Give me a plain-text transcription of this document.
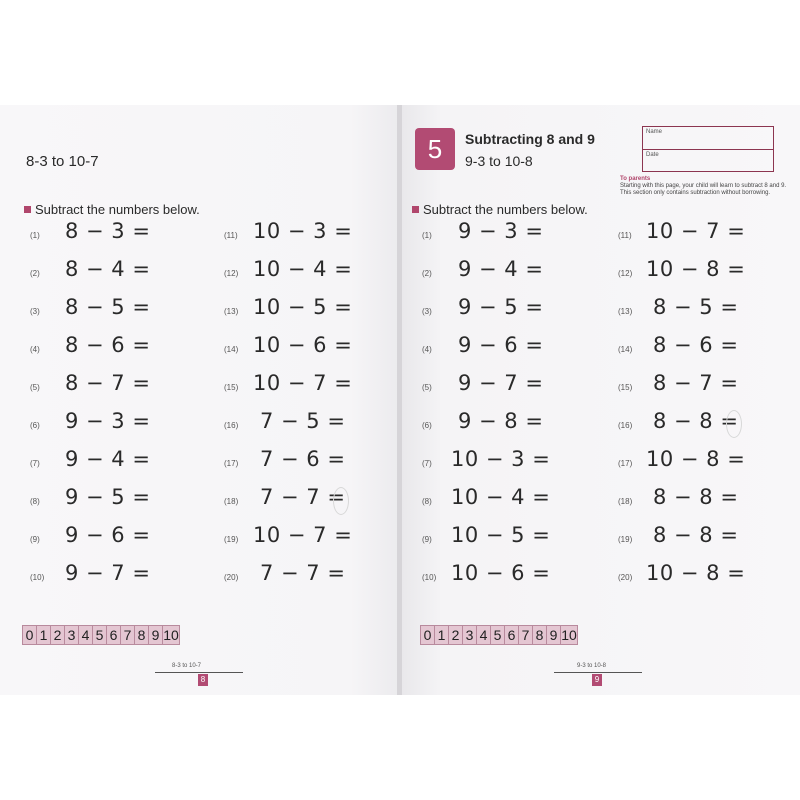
8-3 to 10-7
Subtract the numbers below.
(1) 8 − 3 =
(2) 8 − 4 =
(3) 8 − 5 =
(4) 8 − 6 =
(5) 8 − 7 =
(6) 9 − 3 =
(7) 9 − 4 =
(8) 9 − 5 =
(9) 9 − 6 =
(10) 9 − 7 =
(11) 10 − 3 =
(12) 10 − 4 =
(13) 10 − 5 =
(14) 10 − 6 =
(15) 10 − 7 =
(16) 7 − 5 =
(17) 7 − 6 =
(18) 7 − 7 =
(19) 10 − 7 =
(20) 7 − 7 =
0 1 2 3 4 5 6 7 8 9 10
8-3 to 10-7
8
5	Subtracting 8 and 9
9-3 to 10-8
Name
Date
To parents
Starting with this page, your child will learn to subtract 8 and 9. This section only contains subtraction without borrowing.
Subtract the numbers below.
(1) 9 − 3 =
(2) 9 − 4 =
(3) 9 − 5 =
(4) 9 − 6 =
(5) 9 − 7 =
(6) 9 − 8 =
(7) 10 − 3 =
(8) 10 − 4 =
(9) 10 − 5 =
(10) 10 − 6 =
(11) 10 − 7 =
(12) 10 − 8 =
(13) 8 − 5 =
(14) 8 − 6 =
(15) 8 − 7 =
(16) 8 − 8 =
(17) 10 − 8 =
(18) 8 − 8 =
(19) 8 − 8 =
(20) 10 − 8 =
0 1 2 3 4 5 6 7 8 9 10
9-3 to 10-8
9
